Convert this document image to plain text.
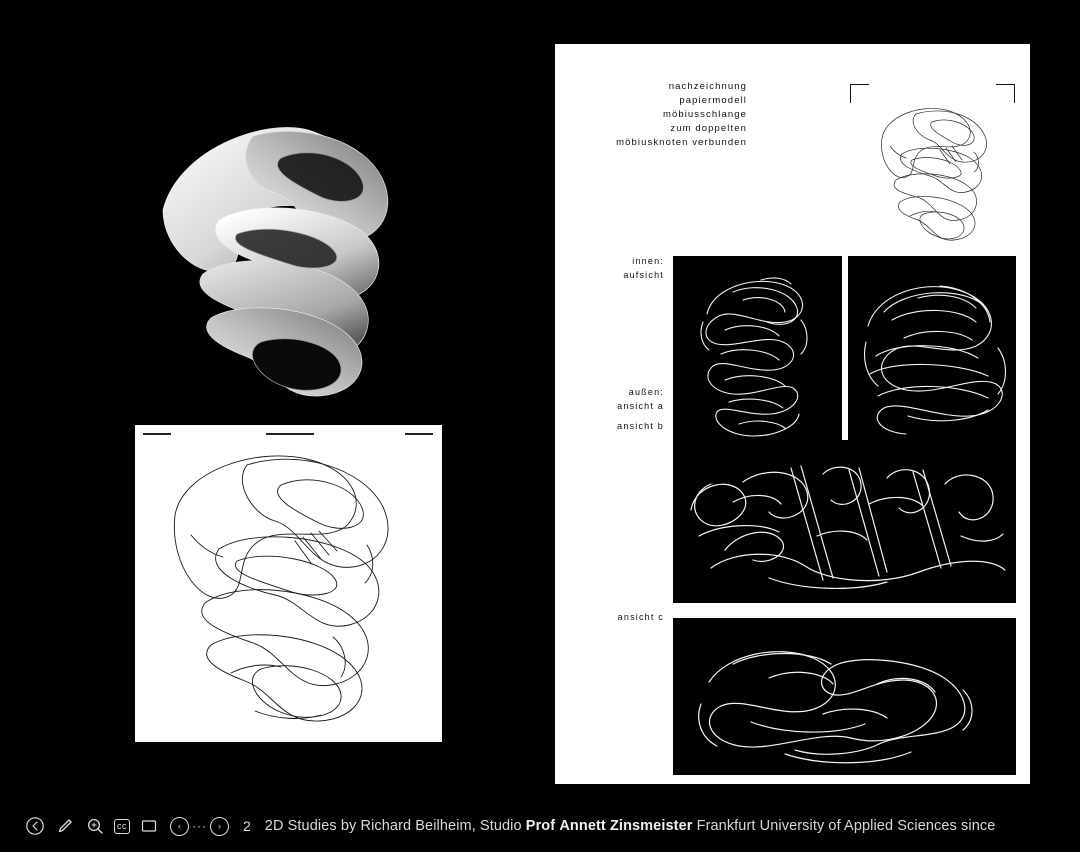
nachzeichnung
papiermodell
möbiusschlange
zum doppelten
möbiusknoten verbunden
innen:
aufsicht
außen:
ansicht a
ansicht b
ansicht c
cc	‹ ···	›	2 2D Studies by Richard Beilheim, Studio Prof Annett Zinsmeister Frankfurt University of Applied Sciences since
